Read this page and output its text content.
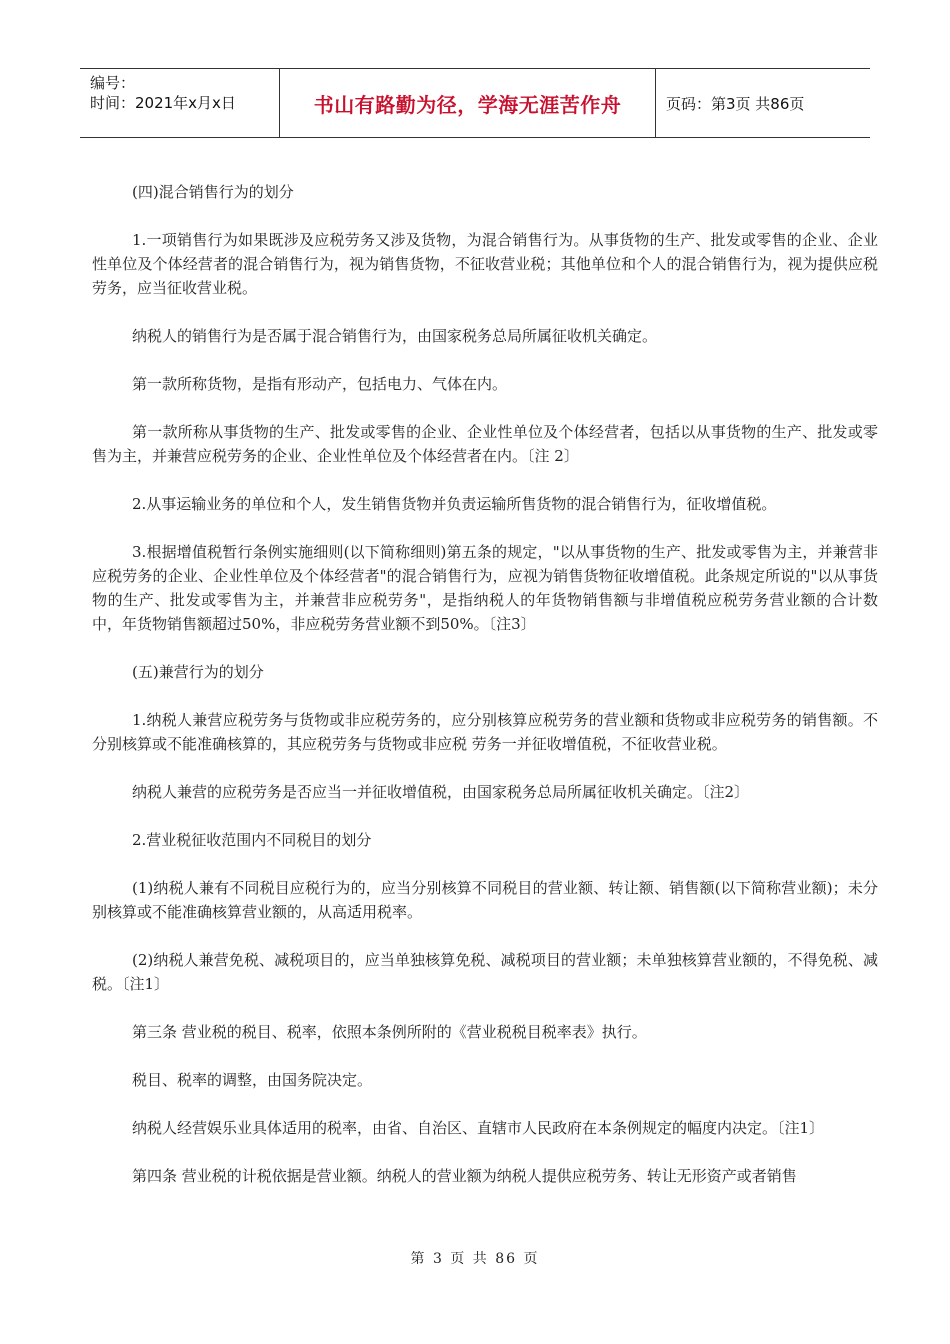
编号：
时间：2021年x月x日	书山有路勤为径，学海无涯苦作舟	页码：第3页 共86页

(四)混合销售行为的划分

1.一项销售行为如果既涉及应税劳务又涉及货物，为混合销售行为。从事货物的生产、批发或零售的企业、企业性单位及个体经营者的混合销售行为，视为销售货物，不征收营业税；其他单位和个人的混合销售行为，视为提供应税劳务，应当征收营业税。

纳税人的销售行为是否属于混合销售行为，由国家税务总局所属征收机关确定。

第一款所称货物，是指有形动产，包括电力、气体在内。

第一款所称从事货物的生产、批发或零售的企业、企业性单位及个体经营者，包括以从事货物的生产、批发或零售为主，并兼营应税劳务的企业、企业性单位及个体经营者在内。〔注 2〕

2.从事运输业务的单位和个人，发生销售货物并负责运输所售货物的混合销售行为，征收增值税。

3.根据增值税暂行条例实施细则(以下简称细则)第五条的规定，"以从事货物的生产、批发或零售为主，并兼营非应税劳务的企业、企业性单位及个体经营者"的混合销售行为，应视为销售货物征收增值税。此条规定所说的"以从事货物的生产、批发或零售为主，并兼营非应税劳务"，是指纳税人的年货物销售额与非增值税应税劳务营业额的合计数中，年货物销售额超过50%，非应税劳务营业额不到50%。〔注3〕

(五)兼营行为的划分

1.纳税人兼营应税劳务与货物或非应税劳务的，应分别核算应税劳务的营业额和货物或非应税劳务的销售额。不分别核算或不能准确核算的，其应税劳务与货物或非应税 劳务一并征收增值税，不征收营业税。

纳税人兼营的应税劳务是否应当一并征收增值税，由国家税务总局所属征收机关确定。〔注2〕

2.营业税征收范围内不同税目的划分

(1)纳税人兼有不同税目应税行为的，应当分别核算不同税目的营业额、转让额、销售额(以下简称营业额)；未分别核算或不能准确核算营业额的，从高适用税率。

(2)纳税人兼营免税、减税项目的，应当单独核算免税、减税项目的营业额；未单独核算营业额的，不得免税、减税。〔注1〕

第三条 营业税的税目、税率，依照本条例所附的《营业税税目税率表》执行。

税目、税率的调整，由国务院决定。

纳税人经营娱乐业具体适用的税率，由省、自治区、直辖市人民政府在本条例规定的幅度内决定。〔注1〕

第四条 营业税的计税依据是营业额。纳税人的营业额为纳税人提供应税劳务、转让无形资产或者销售

第 3 页 共 86 页
